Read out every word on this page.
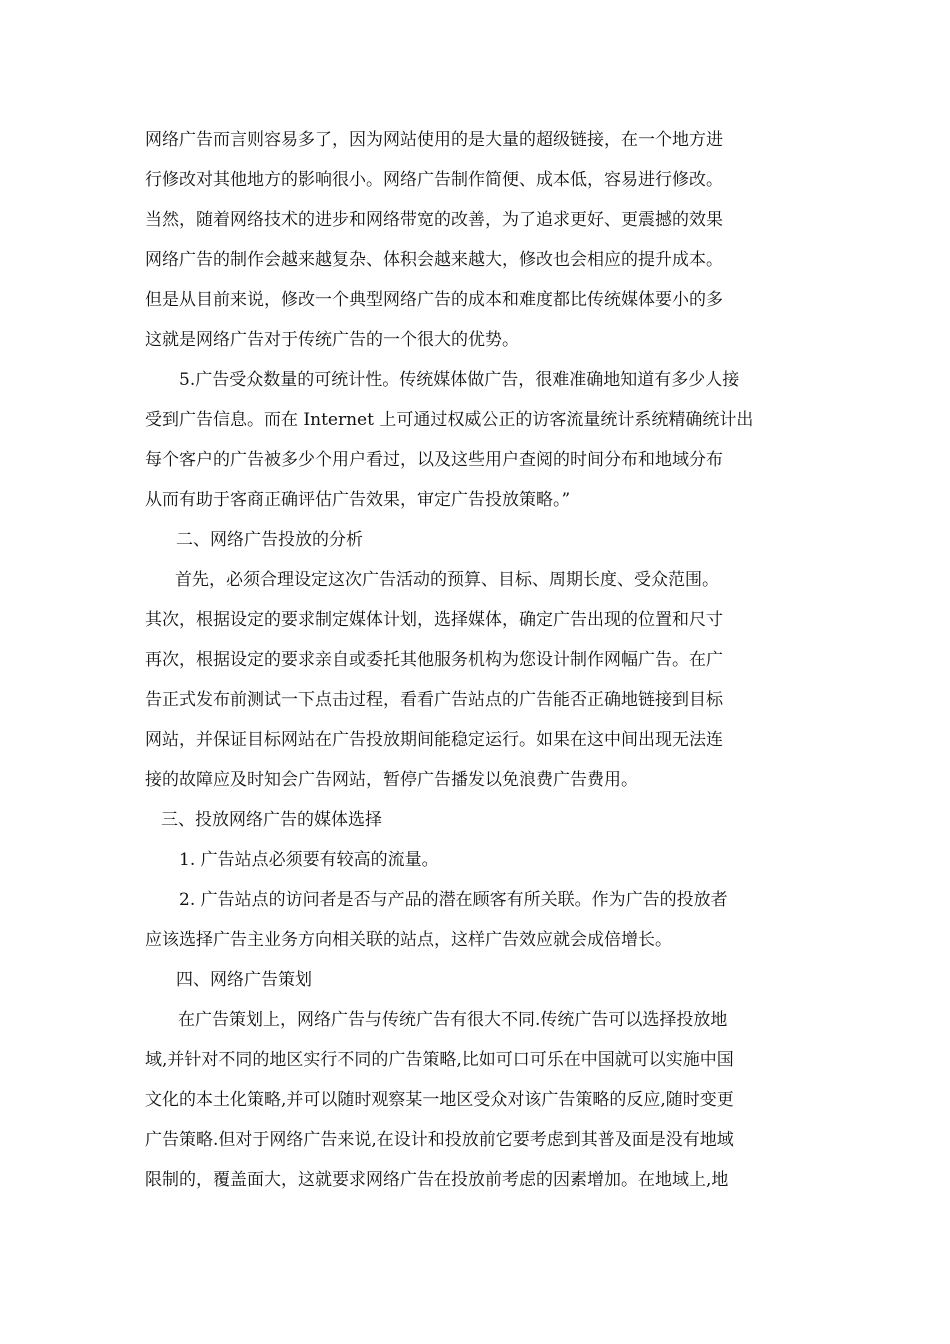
网络广告而言则容易多了，因为网站使用的是大量的超级链接，在一个地方进
行修改对其他地方的影响很小。网络广告制作简便、成本低，容易进行修改。
当然，随着网络技术的进步和网络带宽的改善，为了追求更好、更震撼的效果
网络广告的制作会越来越复杂、体积会越来越大，修改也会相应的提升成本。
但是从目前来说，修改一个典型网络广告的成本和难度都比传统媒体要小的多
这就是网络广告对于传统广告的一个很大的优势。
5.广告受众数量的可统计性。传统媒体做广告，很难准确地知道有多少人接
受到广告信息。而在 Internet 上可通过权威公正的访客流量统计系统精确统计出
每个客户的广告被多少个用户看过，以及这些用户查阅的时间分布和地域分布
从而有助于客商正确评估广告效果，审定广告投放策略。”
二、网络广告投放的分析
首先，必须合理设定这次广告活动的预算、目标、周期长度、受众范围。
其次，根据设定的要求制定媒体计划，选择媒体，确定广告出现的位置和尺寸
再次，根据设定的要求亲自或委托其他服务机构为您设计制作网幅广告。在广
告正式发布前测试一下点击过程，看看广告站点的广告能否正确地链接到目标
网站，并保证目标网站在广告投放期间能稳定运行。如果在这中间出现无法连
接的故障应及时知会广告网站，暂停广告播发以免浪费广告费用。
三、投放网络广告的媒体选择
1. 广告站点必须要有较高的流量。
2. 广告站点的访问者是否与产品的潜在顾客有所关联。作为广告的投放者
应该选择广告主业务方向相关联的站点，这样广告效应就会成倍增长。
四、网络广告策划
在广告策划上，网络广告与传统广告有很大不同.传统广告可以选择投放地
域,并针对不同的地区实行不同的广告策略,比如可口可乐在中国就可以实施中国
文化的本土化策略,并可以随时观察某一地区受众对该广告策略的反应,随时变更
广告策略.但对于网络广告来说,在设计和投放前它要考虑到其普及面是没有地域
限制的，覆盖面大，这就要求网络广告在投放前考虑的因素增加。在地域上,地
